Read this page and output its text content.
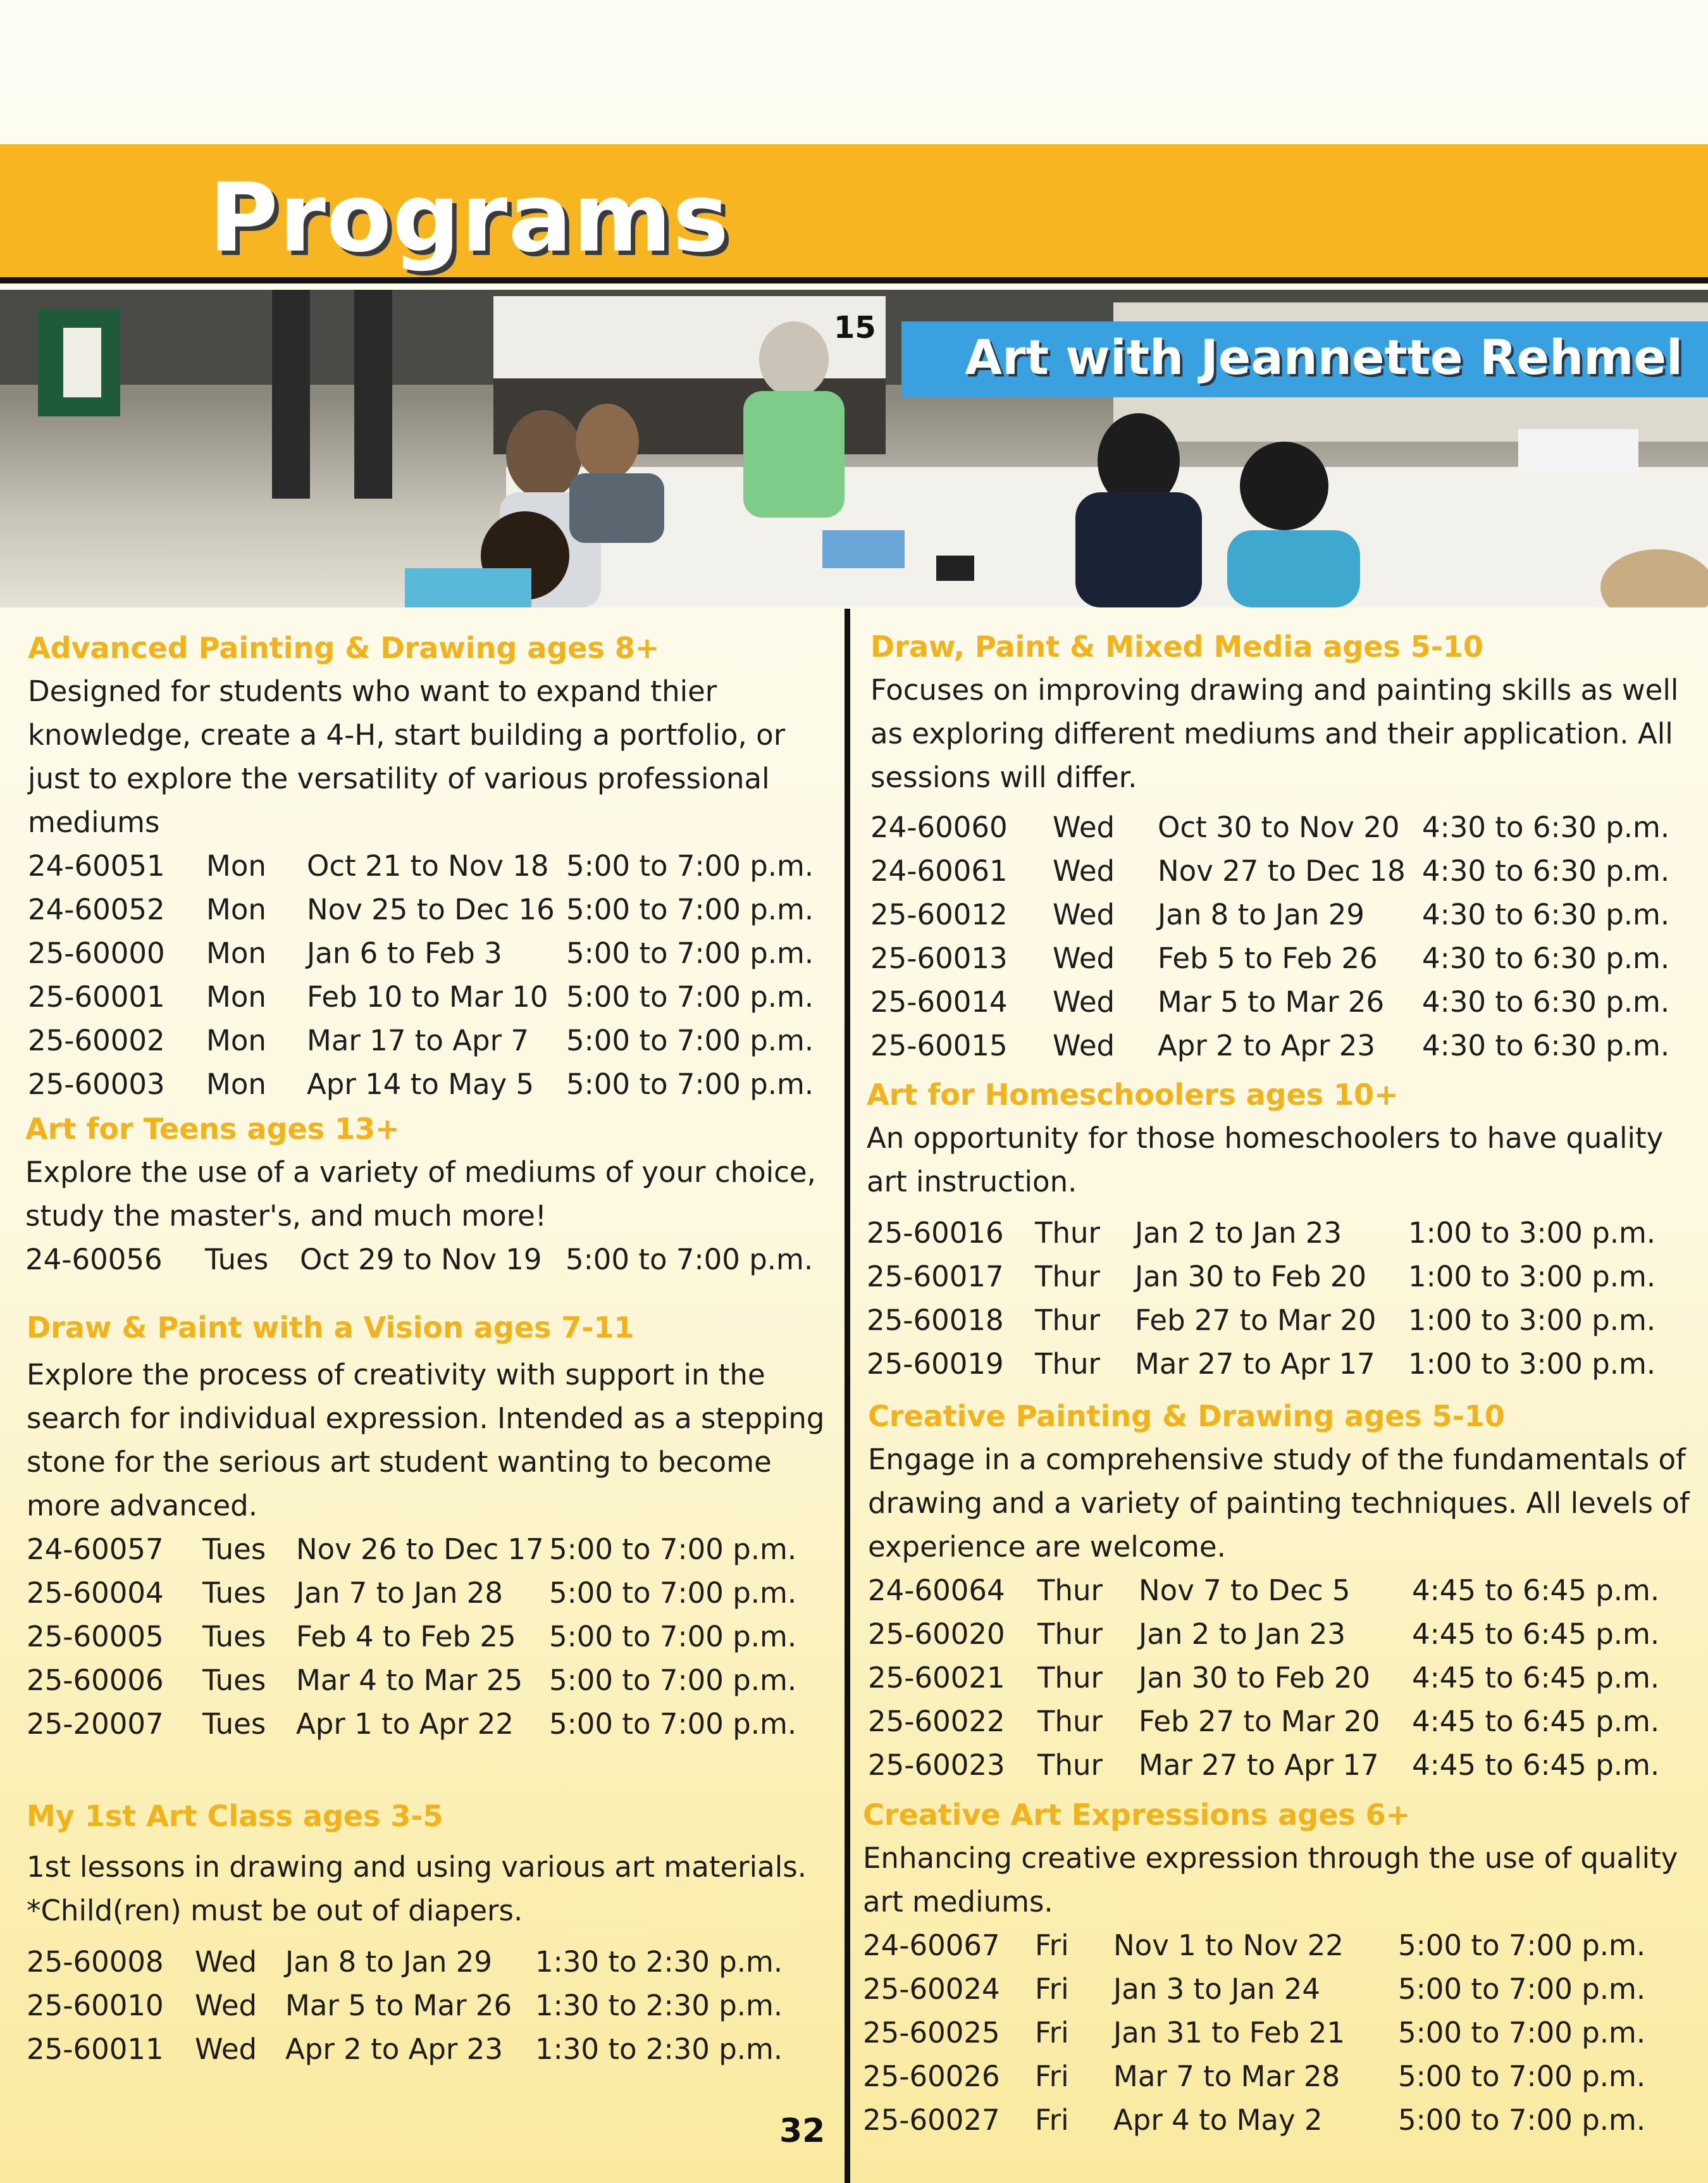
Programs
Art with Jeannette Rehmel
15
Advanced Painting & Drawing ages 8+
Designed for students who want to expand thier knowledge, create a 4-H, start building a portfolio, or just to explore the versatility of various professional mediums
24-60051	Mon	Oct 21 to Nov 18	5:00 to 7:00 p.m.
24-60052	Mon	Nov 25 to Dec 16	5:00 to 7:00 p.m.
25-60000	Mon	Jan 6 to Feb 3	5:00 to 7:00 p.m.
25-60001	Mon	Feb 10 to Mar 10	5:00 to 7:00 p.m.
25-60002	Mon	Mar 17 to Apr 7	5:00 to 7:00 p.m.
25-60003	Mon	Apr 14 to May 5	5:00 to 7:00 p.m.
Art for Teens ages 13+
Explore the use of a variety of mediums of your choice, study the master's, and much more!
24-60056	Tues	Oct 29 to Nov 19	5:00 to 7:00 p.m.
Draw & Paint with a Vision ages 7-11
Explore the process of creativity with support in the search for individual expression. Intended as a stepping stone for the serious art student wanting to become more advanced.
24-60057	Tues	Nov 26 to Dec 17	5:00 to 7:00 p.m.
25-60004	Tues	Jan 7 to Jan 28	5:00 to 7:00 p.m.
25-60005	Tues	Feb 4 to Feb 25	5:00 to 7:00 p.m.
25-60006	Tues	Mar 4 to Mar 25	5:00 to 7:00 p.m.
25-20007	Tues	Apr 1 to Apr 22	5:00 to 7:00 p.m.
My 1st Art Class ages 3-5
1st lessons in drawing and using various art materials. *Child(ren) must be out of diapers.
25-60008	Wed	Jan 8 to Jan 29	1:30 to 2:30 p.m.
25-60010	Wed	Mar 5 to Mar 26	1:30 to 2:30 p.m.
25-60011	Wed	Apr 2 to Apr 23	1:30 to 2:30 p.m.
32
Draw, Paint & Mixed Media ages 5-10
Focuses on improving drawing and painting skills as well as exploring different mediums and their application. All sessions will differ.
24-60060	Wed	Oct 30 to Nov 20	4:30 to 6:30 p.m.
24-60061	Wed	Nov 27 to Dec 18	4:30 to 6:30 p.m.
25-60012	Wed	Jan 8 to Jan 29	4:30 to 6:30 p.m.
25-60013	Wed	Feb 5 to Feb 26	4:30 to 6:30 p.m.
25-60014	Wed	Mar 5 to Mar 26	4:30 to 6:30 p.m.
25-60015	Wed	Apr 2 to Apr 23	4:30 to 6:30 p.m.
Art for Homeschoolers ages 10+
An opportunity for those homeschoolers to have quality art instruction.
25-60016	Thur	Jan 2 to Jan 23	1:00 to 3:00 p.m.
25-60017	Thur	Jan 30 to Feb 20	1:00 to 3:00 p.m.
25-60018	Thur	Feb 27 to Mar 20	1:00 to 3:00 p.m.
25-60019	Thur	Mar 27 to Apr 17	1:00 to 3:00 p.m.
Creative Painting & Drawing ages 5-10
Engage in a comprehensive study of the fundamentals of drawing and a variety of painting techniques. All levels of experience are welcome.
24-60064	Thur	Nov 7 to Dec 5	4:45 to 6:45 p.m.
25-60020	Thur	Jan 2 to Jan 23	4:45 to 6:45 p.m.
25-60021	Thur	Jan 30 to Feb 20	4:45 to 6:45 p.m.
25-60022	Thur	Feb 27 to Mar 20	4:45 to 6:45 p.m.
25-60023	Thur	Mar 27 to Apr 17	4:45 to 6:45 p.m.
Creative Art Expressions ages 6+
Enhancing creative expression through the use of quality art mediums.
24-60067	Fri	Nov 1 to Nov 22	5:00 to 7:00 p.m.
25-60024	Fri	Jan 3 to Jan 24	5:00 to 7:00 p.m.
25-60025	Fri	Jan 31 to Feb 21	5:00 to 7:00 p.m.
25-60026	Fri	Mar 7 to Mar 28	5:00 to 7:00 p.m.
25-60027	Fri	Apr 4 to May 2	5:00 to 7:00 p.m.
